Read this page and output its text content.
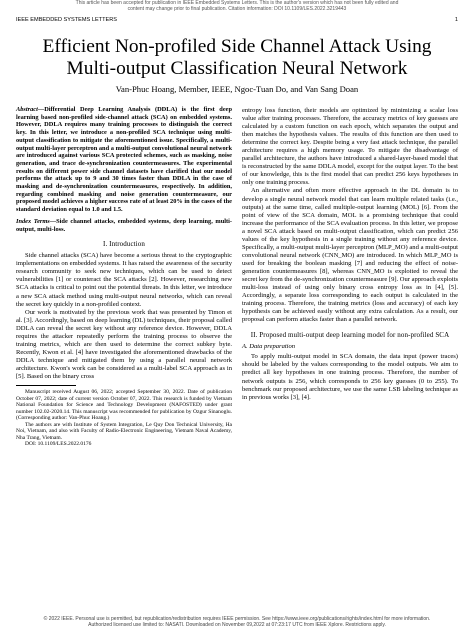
This article has been accepted for publication in IEEE Embedded Systems Letters. This is the author's version which has not been fully edited and
content may change prior to final publication. Citation information: DOI 10.1109/LES.2022.3219443
IEEE EMBEDDED SYSTEMS LETTERS	1
Efficient Non-profiled Side Channel Attack Using
Multi-output Classification Neural Network
Van-Phuc Hoang, Member, IEEE, Ngoc-Tuan Do, and Van Sang Doan

Abstract—Differential Deep Learning Analysis (DDLA) is the first deep learning based non-profiled side-channel attack (SCA) on embedded systems. However, DDLA requires many training processes to distinguish the correct key. In this letter, we introduce a non-profiled SCA technique using multi-output classification to mitigate the aforementioned issue. Specifically, a multi-output multi-layer perceptron and a multi-output convolutional neural network are introduced against various SCA protected schemes, such as masking, noise generation, and trace de-synchronization countermeasures. The experimental results on different power side channel datasets have clarified that our model performs the attack up to 9 and 30 times faster than DDLA in the case of masking and de-synchronization countermeasures, respectively. In addition, regarding combined masking and noise generation countermeasure, our proposed model achieves a higher success rate of at least 20% in the cases of the standard deviation equal to 1.0 and 1.5.

Index Terms—Side channel attacks, embedded systems, deep learning, multi-output, multi-loss.

I. Introduction

Side channel attacks (SCA) have become a serious threat to the cryptographic implementations on embedded systems. It has raised the awareness of the security research community to seek new techniques, which can be used to detect vulnerabilities [1] or counteract the SCA attacks [2]. However, researching new SCA attacks is critical to point out the potential threats. In this letter, we introduce a new SCA attack method using multi-output neural networks, which can reveal the secret key quickly in a non-profiled context.

Our work is motivated by the previous work that was presented by Timon et al. [3]. Accordingly, based on deep learning (DL) techniques, their proposal called DDLA can reveal the secret key without any reference device. However, DDLA requires the attacker repeatedly perform the training process to observe the training metrics, which are then used to determine the correct subkey byte. Recently, Kwon et al. [4] have investigated the aforementioned drawbacks of the DDLA technique and mitigated them by using a parallel neural network architecture. Kwon's work can be considered as a multi-label SCA approach as in [5]. Based on the binary cross

Manuscript received August 06, 2022; accepted September 30, 2022. Date of publication October 07, 2022; date of current version October 07, 2022. This research is funded by Vietnam National Foundation for Science and Technology Development (NAFOSTED) under grant number 102.02-2020.14. This manuscript was recommended for publication by Ozgur Sinanoglu. (Corresponding author: Van-Phuc Hoang.)

The authors are with Institute of System Integration, Le Quy Don Technical University, Ha Noi, Vietnam, and also with Faculty of Radio-Electronic Engineering, Vietnam Naval Academy, Nha Trang, Vietnam.

DOI: 10.1109/LES.2022.0176

entropy loss function, their models are optimized by minimizing a scalar loss value after training processes. Therefore, the accuracy metrics of key guesses are calculated by a custom function on each epoch, which separates the output and then matches the hypothesis values. The results of this function are then used to determine the correct key. Despite being a very fast attack technique, the parallel architecture requires a high memory usage. To mitigate the disadvantage of parallel architecture, the authors have introduced a shared-layer-based model that is reconstructed by the same DDLA model, except for the output layer. To the best of our knowledge, this is the first model that can predict 256 keys hypotheses in only one training process.

An alternative and often more effective approach in the DL domain is to develop a single neural network model that can learn multiple related tasks (i.e., outputs) at the same time, called multiple-output learning (MOL) [6]. From the point of view of the SCA domain, MOL is a promising technique that could increase the performance of the SCA evaluation process. In this letter, we propose a novel SCA attack based on multi-output classification, which can predict 256 values of the key hypothesis in a single training without any reference device. Specifically, a multi-output multi-layer perceptron (MLP_MO) and a multi-output convolutional neural network (CNN_MO) are introduced. In which MLP_MO is used for breaking the boolean masking [7] and reducing the effect of noise-generation countermeasures [8], whereas CNN_MO is exploited to reveal the secret key from the de-synchronization countermeasure [9]. Our approach exploits multi-loss instead of using only binary cross entropy loss as in [4], [5]. Accordingly, a separate loss corresponding to each output is calculated in the training process. Therefore, the training metrics (loss and accuracy) of each key hypothesis can be achieved easily without any extra calculation. As a result, our proposal can perform attacks faster than a parallel network.

II. Proposed multi-output deep learning model for non-profiled SCA

A. Data preparation

To apply multi-output model in SCA domain, the data input (power traces) should be labeled by the values corresponding to the model outputs. We aim to predict all key hypotheses in one training process. Therefore, the number of network outputs is 256, which corresponds to 256 key guesses (0 to 255). To benchmark our proposed architecture, we use the same LSB labeling technique as in previous works [3], [4].

© 2022 IEEE. Personal use is permitted, but republication/redistribution requires IEEE permission. See https://www.ieee.org/publications/rights/index.html for more information.
Authorized licensed use limited to: NASATI. Downloaded on November 09,2022 at 07:23:17 UTC from IEEE Xplore. Restrictions apply.
